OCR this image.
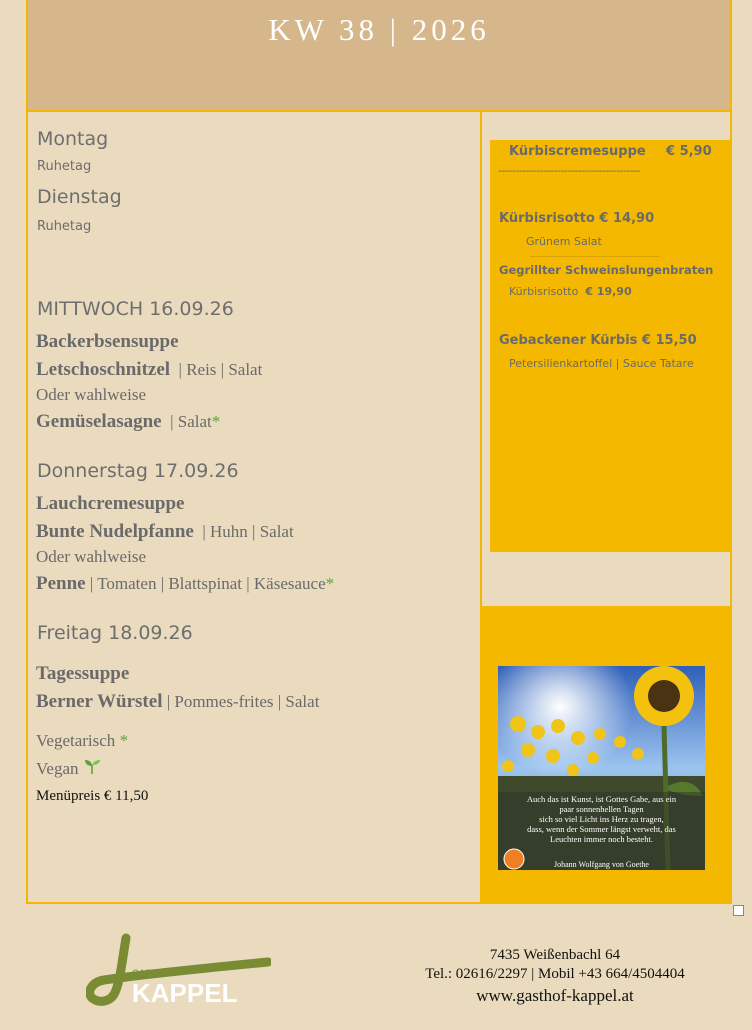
KW 38 | 2026
Montag
Ruhetag
Dienstag
Ruhetag
MITTWOCH 16.09.26
Backerbsensuppe
Letschoschnitzel | Reis | Salat
Oder wahlweise
Gemüselasagne | Salat*
Donnerstag 17.09.26
Lauchcremesuppe
Bunte Nudelpfanne | Huhn | Salat
Oder wahlweise
Penne | Tomaten | Blattspinat | Käsesauce*
Freitag 18.09.26
Tagessuppe
Berner Würstel | Pommes-frites | Salat
Vegetarisch *
Vegan
Menüpreis € 11,50
Kürbiscremesuppe € 5,90
-----------------------------------------
Kürbisrisotto € 14,90
Grünem Salat
Gegrillter Schweinslungenbraten
Kürbisrisotto € 19,90
Gebackener Kürbis € 15,50
Petersilienkartoffel | Sauce Tatare
Auch das ist Kunst, ist Gottes Gabe, aus ein
paar sonnenhellen Tagen
sich so viel Licht ins Herz zu tragen,
dass, wenn der Sommer längst verweht, das
Leuchten immer noch besteht.
Johann Wolfgang von Goethe
GASTHOF
KAPPEL
7435 Weißenbachl 64
Tel.: 02616/2297 | Mobil +43 664/4504404
www.gasthof-kappel.at
